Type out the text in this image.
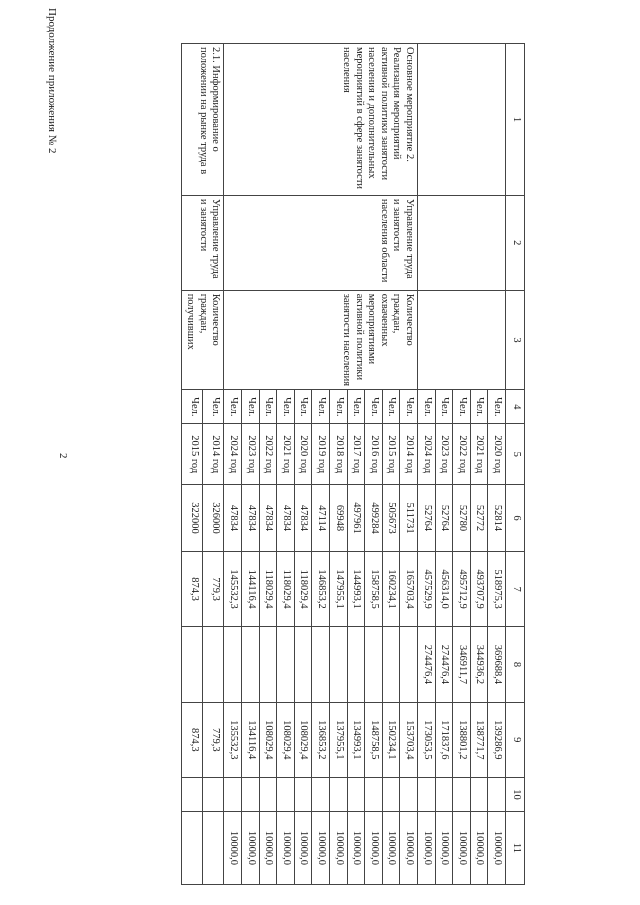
2
Продолжение приложения № 2	1	2	3	4	5	6	7	8	9	10	11
			Чел.	2020 год	52814	518975,3	369688,4	139286,9		10000,0
			Чел.	2021 год	52772	493707,9	344936,2	138771,7		10000,0
			Чел.	2022 год	52780	495712,9	346911,7	138801,2		10000,0
			Чел.	2023 год	52764	456314,0	274476,4	171837,6		10000,0
			Чел.	2024 год	52764	457529,9	274476,4	173053,5		10000,0
Основное мероприятие 2. Реализация мероприятий активной политики занятости населения и дополнительных мероприятий в сфере занятости населения	Управление труда и занятости населения области	Количество граждан, охваченных мероприятиями активной политики занятости населения	Чел.	2014 год	511731	165703,4		153703,4		10000,0
			Чел.	2015 год	505673	160234,1		150234,1		10000,0
			Чел.	2016 год	499284	158758,5		148758,5		10000,0
			Чел.	2017 год	497961	144993,1		134993,1		10000,0
			Чел.	2018 год	69948	147955,1		137955,1		10000,0
			Чел.	2019 год	47114	146853,2		136853,2		10000,0
			Чел.	2020 год	47834	118029,4		108029,4		10000,0
			Чел.	2021 год	47834	118029,4		108029,4		10000,0
			Чел.	2022 год	47834	118029,4		108029,4		10000,0
			Чел.	2023 год	47834	144116,4		134116,4		10000,0
			Чел.	2024 год	47834	145532,3		135532,3		10000,0
2.1. Информирование о положении на рынке труда в	Управление труда и занятости	Количество граждан, получивших	Чел.	2014 год	326000	779,3		779,3		
			Чел.	2015 год	322000	874,3		874,3		
